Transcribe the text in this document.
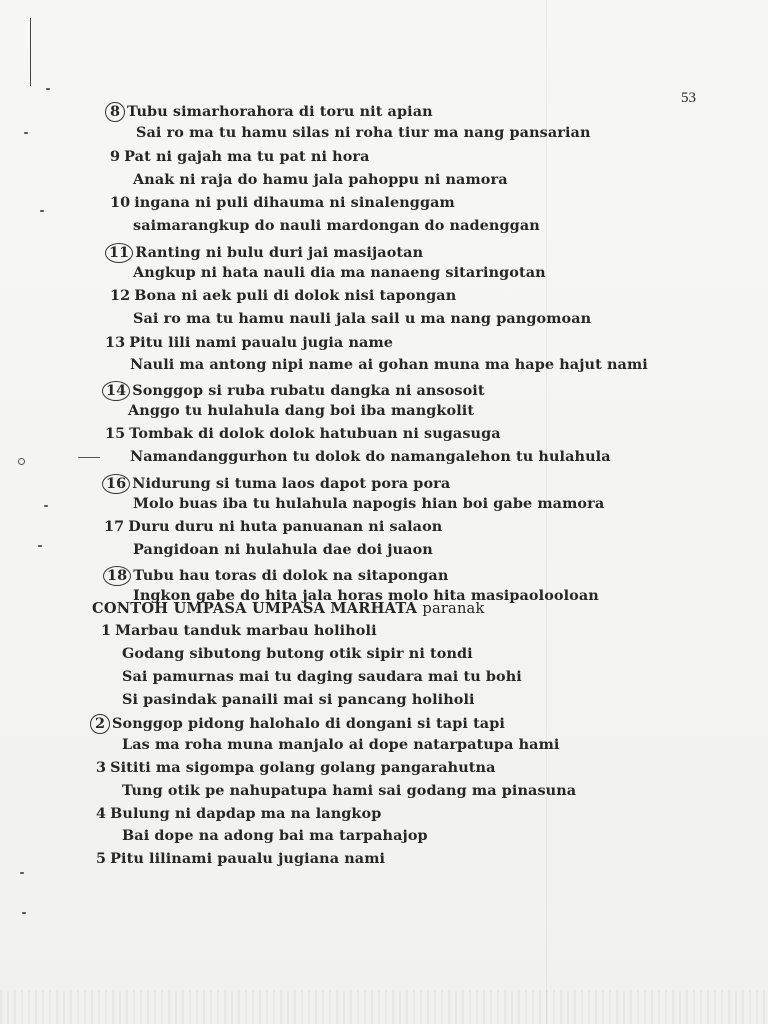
53
8 Tubu simarhorahora di toru nit apian
Sai ro ma tu hamu silas ni roha tiur ma nang pansarian
9 Pat ni gajah ma tu pat ni hora
Anak ni raja do hamu jala pahoppu ni namora
10 ingana ni puli dihauma ni sinalenggam
saimarangkup do nauli mardongan do nadenggan
11 Ranting ni bulu duri jai masijaotan
Angkup ni hata nauli dia ma nanaeng sitaringotan
12 Bona ni aek puli di dolok nisi tapongan
Sai ro ma tu hamu nauli jala sail u ma nang pangomoan
13 Pitu lili nami paualu jugia name
Nauli ma antong nipi name ai gohan muna ma hape hajut nami
14 Songgop si ruba rubatu dangka ni ansosoit
Anggo tu hulahula dang boi iba mangkolit
15 Tombak di dolok dolok hatubuan ni sugasuga
Namandanggurhon tu dolok do namangalehon tu hulahula
16 Nidurung si tuma laos dapot pora pora
Molo buas iba tu hulahula napogis hian boi gabe mamora
17 Duru duru ni huta panuanan ni salaon
Pangidoan ni hulahula dae doi juaon
18 Tubu hau toras di dolok na sitapongan
Ingkon gabe do hita jala horas molo hita masipaolooloan
CONTOH UMPASA UMPASA MARHATA paranak
1 Marbau tanduk marbau holiholi
Godang sibutong butong otik sipir ni tondi
Sai pamurnas mai tu daging saudara mai tu bohi
Si pasindak panaili mai si pancang holiholi
2 Songgop pidong halohalo di dongani si tapi tapi
Las ma roha muna manjalo ai dope natarpatupa hami
3 Sititi ma sigompa golang golang pangarahutna
Tung otik pe nahupatupa hami sai godang ma pinasuna
4 Bulung ni dapdap ma na langkop
Bai dope na adong bai ma tarpahajop
5 Pitu lilinami paualu jugiana nami
